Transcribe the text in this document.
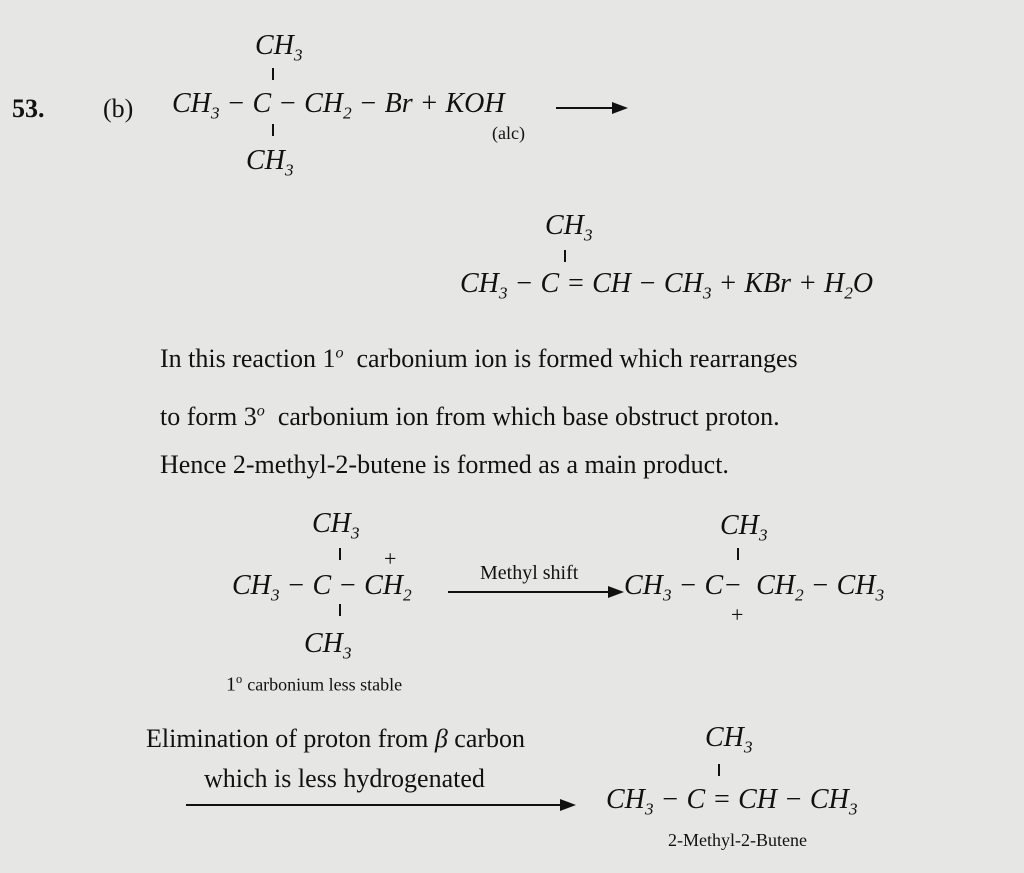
53. (b)
$CH_3$
$CH_3 - C - CH_2 - Br$ + KOH
(alc)
$CH_3$
$CH_3$
$CH_3 - C$ = CH − $CH_3$ + KBr + $H_2O$
In this reaction 1$^o$ carbonium ion is formed which rearranges
to form 3$^o$ carbonium ion from which base obstruct proton.
Hence 2-methyl-2-butene is formed as a main product.
$CH_3$
+
$CH_3 - C - CH_2$
$CH_3$
1$^o$ carbonium less stable
Methyl shift
$CH_3$
$CH_3 - C- CH_2 - CH_3$
+
Elimination of proton from β carbon
which is less hydrogenated
$CH_3$
$CH_3 - C$ = CH − $CH_3$
2-Methyl-2-Butene
